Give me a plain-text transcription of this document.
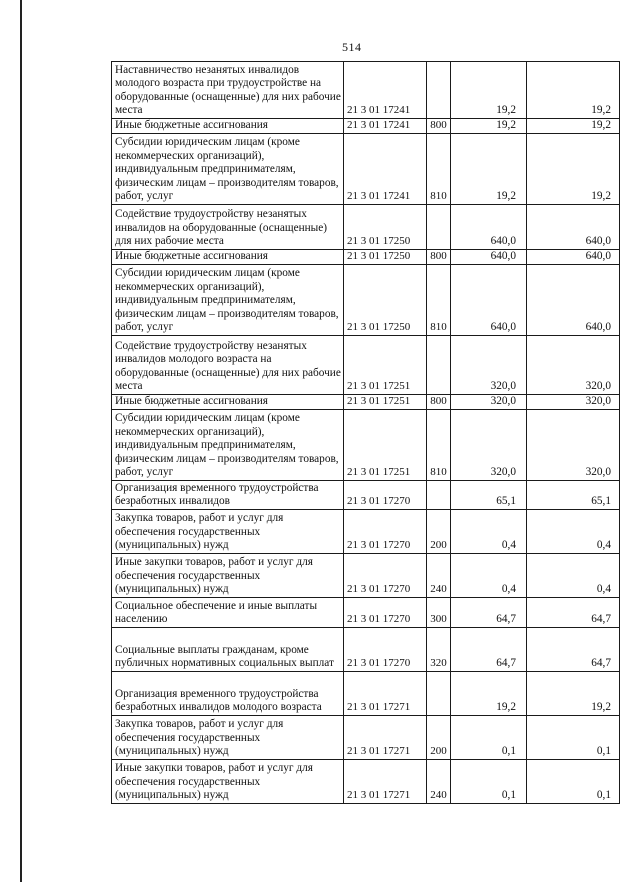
514
Наставничество незанятых инвалидов молодого возраста при трудоустройстве на оборудованные (оснащенные) для них рабочие места	21 3 01 17241		19,2	19,2
Иные бюджетные ассигнования	21 3 01 17241	800	19,2	19,2
Субсидии юридическим лицам (кроме некоммерческих организаций), индивидуальным предпринимателям, физическим лицам – производителям товаров, работ, услуг	21 3 01 17241	810	19,2	19,2
Содействие трудоустройству незанятых инвалидов на оборудованные (оснащенные) для них рабочие места	21 3 01 17250		640,0	640,0
Иные бюджетные ассигнования	21 3 01 17250	800	640,0	640,0
Субсидии юридическим лицам (кроме некоммерческих организаций), индивидуальным предпринимателям, физическим лицам – производителям товаров, работ, услуг	21 3 01 17250	810	640,0	640,0
Содействие трудоустройству незанятых инвалидов молодого возраста на оборудованные (оснащенные) для них рабочие места	21 3 01 17251		320,0	320,0
Иные бюджетные ассигнования	21 3 01 17251	800	320,0	320,0
Субсидии юридическим лицам (кроме некоммерческих организаций), индивидуальным предпринимателям, физическим лицам – производителям товаров, работ, услуг	21 3 01 17251	810	320,0	320,0
Организация временного трудоустройства безработных инвалидов	21 3 01 17270		65,1	65,1
Закупка товаров, работ и услуг для обеспечения государственных (муниципальных) нужд	21 3 01 17270	200	0,4	0,4
Иные закупки товаров, работ и услуг для обеспечения государственных (муниципальных) нужд	21 3 01 17270	240	0,4	0,4
Социальное обеспечение и иные выплаты населению	21 3 01 17270	300	64,7	64,7
Социальные выплаты гражданам, кроме публичных нормативных социальных выплат	21 3 01 17270	320	64,7	64,7
Организация временного трудоустройства безработных инвалидов молодого возраста	21 3 01 17271		19,2	19,2
Закупка товаров, работ и услуг для обеспечения государственных (муниципальных) нужд	21 3 01 17271	200	0,1	0,1
Иные закупки товаров, работ и услуг для обеспечения государственных (муниципальных) нужд	21 3 01 17271	240	0,1	0,1
